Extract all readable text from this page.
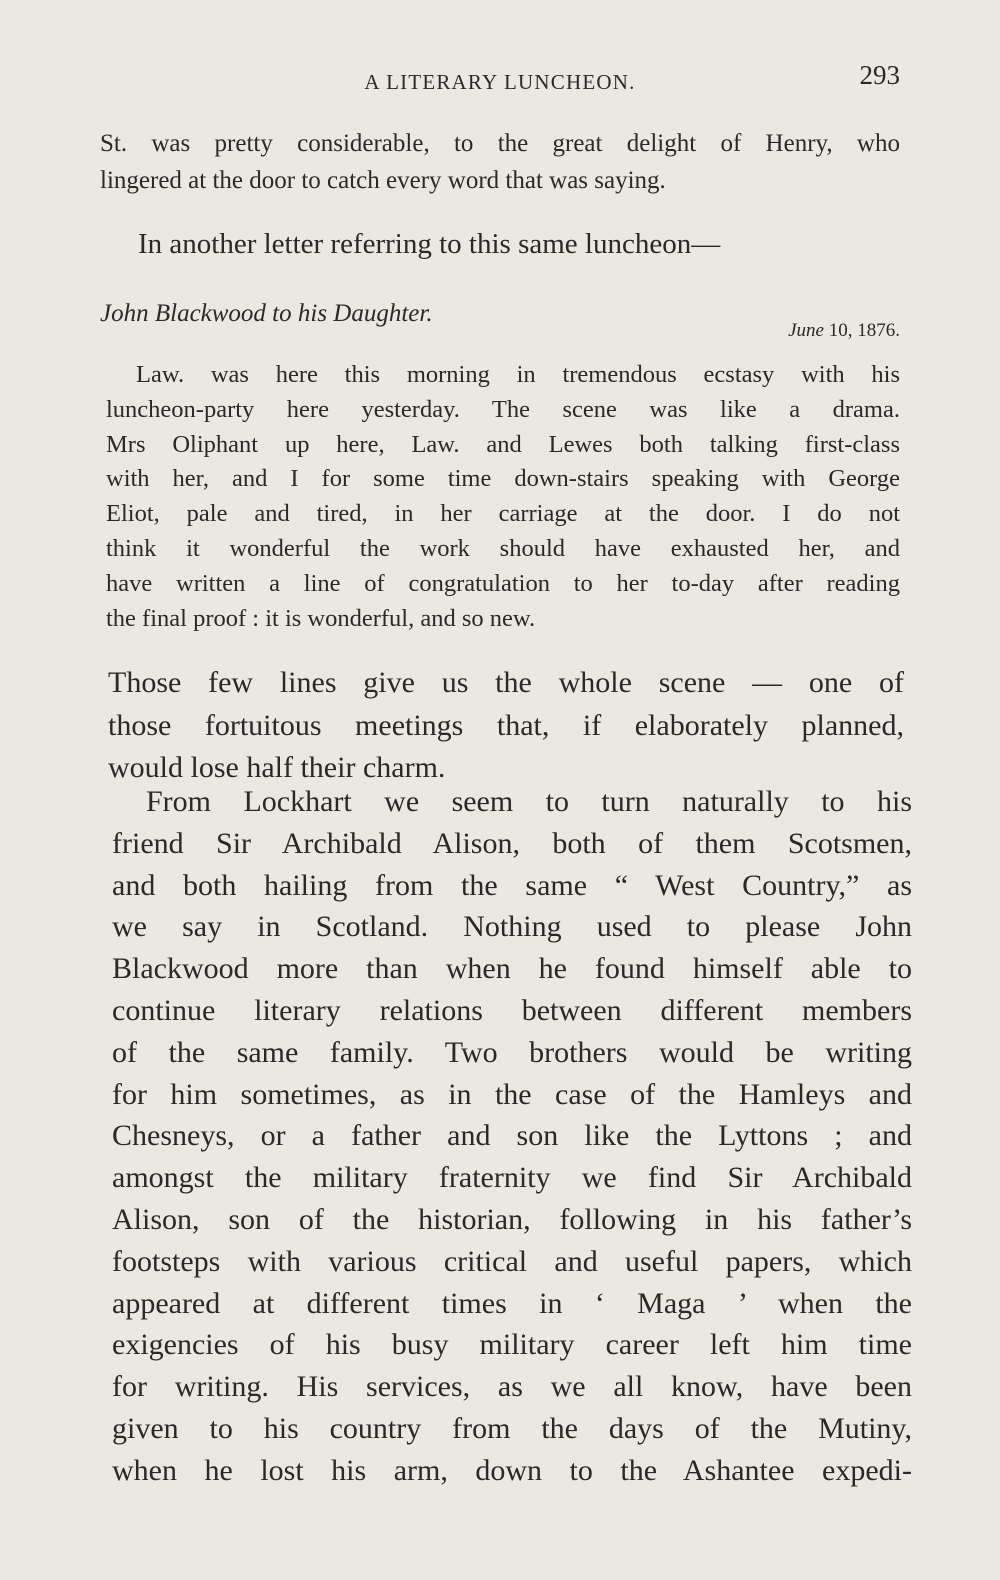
A LITERARY LUNCHEON.	293
St. was pretty considerable, to the great delight of Henry, who
lingered at the door to catch every word that was saying.
In another letter referring to this same luncheon—
John Blackwood to his Daughter.
June 10, 1876.
Law. was here this morning in tremendous ecstasy with his
luncheon-party here yesterday. The scene was like a drama.
Mrs Oliphant up here, Law. and Lewes both talking first-class
with her, and I for some time down-stairs speaking with George
Eliot, pale and tired, in her carriage at the door. I do not
think it wonderful the work should have exhausted her, and
have written a line of congratulation to her to-day after reading
the final proof : it is wonderful, and so new.
Those few lines give us the whole scene — one of
those fortuitous meetings that, if elaborately planned,
would lose half their charm.
From Lockhart we seem to turn naturally to his
friend Sir Archibald Alison, both of them Scotsmen,
and both hailing from the same “ West Country,” as
we say in Scotland. Nothing used to please John
Blackwood more than when he found himself able to
continue literary relations between different members
of the same family. Two brothers would be writing
for him sometimes, as in the case of the Hamleys and
Chesneys, or a father and son like the Lyttons ; and
amongst the military fraternity we find Sir Archibald
Alison, son of the historian, following in his father’s
footsteps with various critical and useful papers, which
appeared at different times in ‘ Maga ’ when the
exigencies of his busy military career left him time
for writing. His services, as we all know, have been
given to his country from the days of the Mutiny,
when he lost his arm, down to the Ashantee expedi-
